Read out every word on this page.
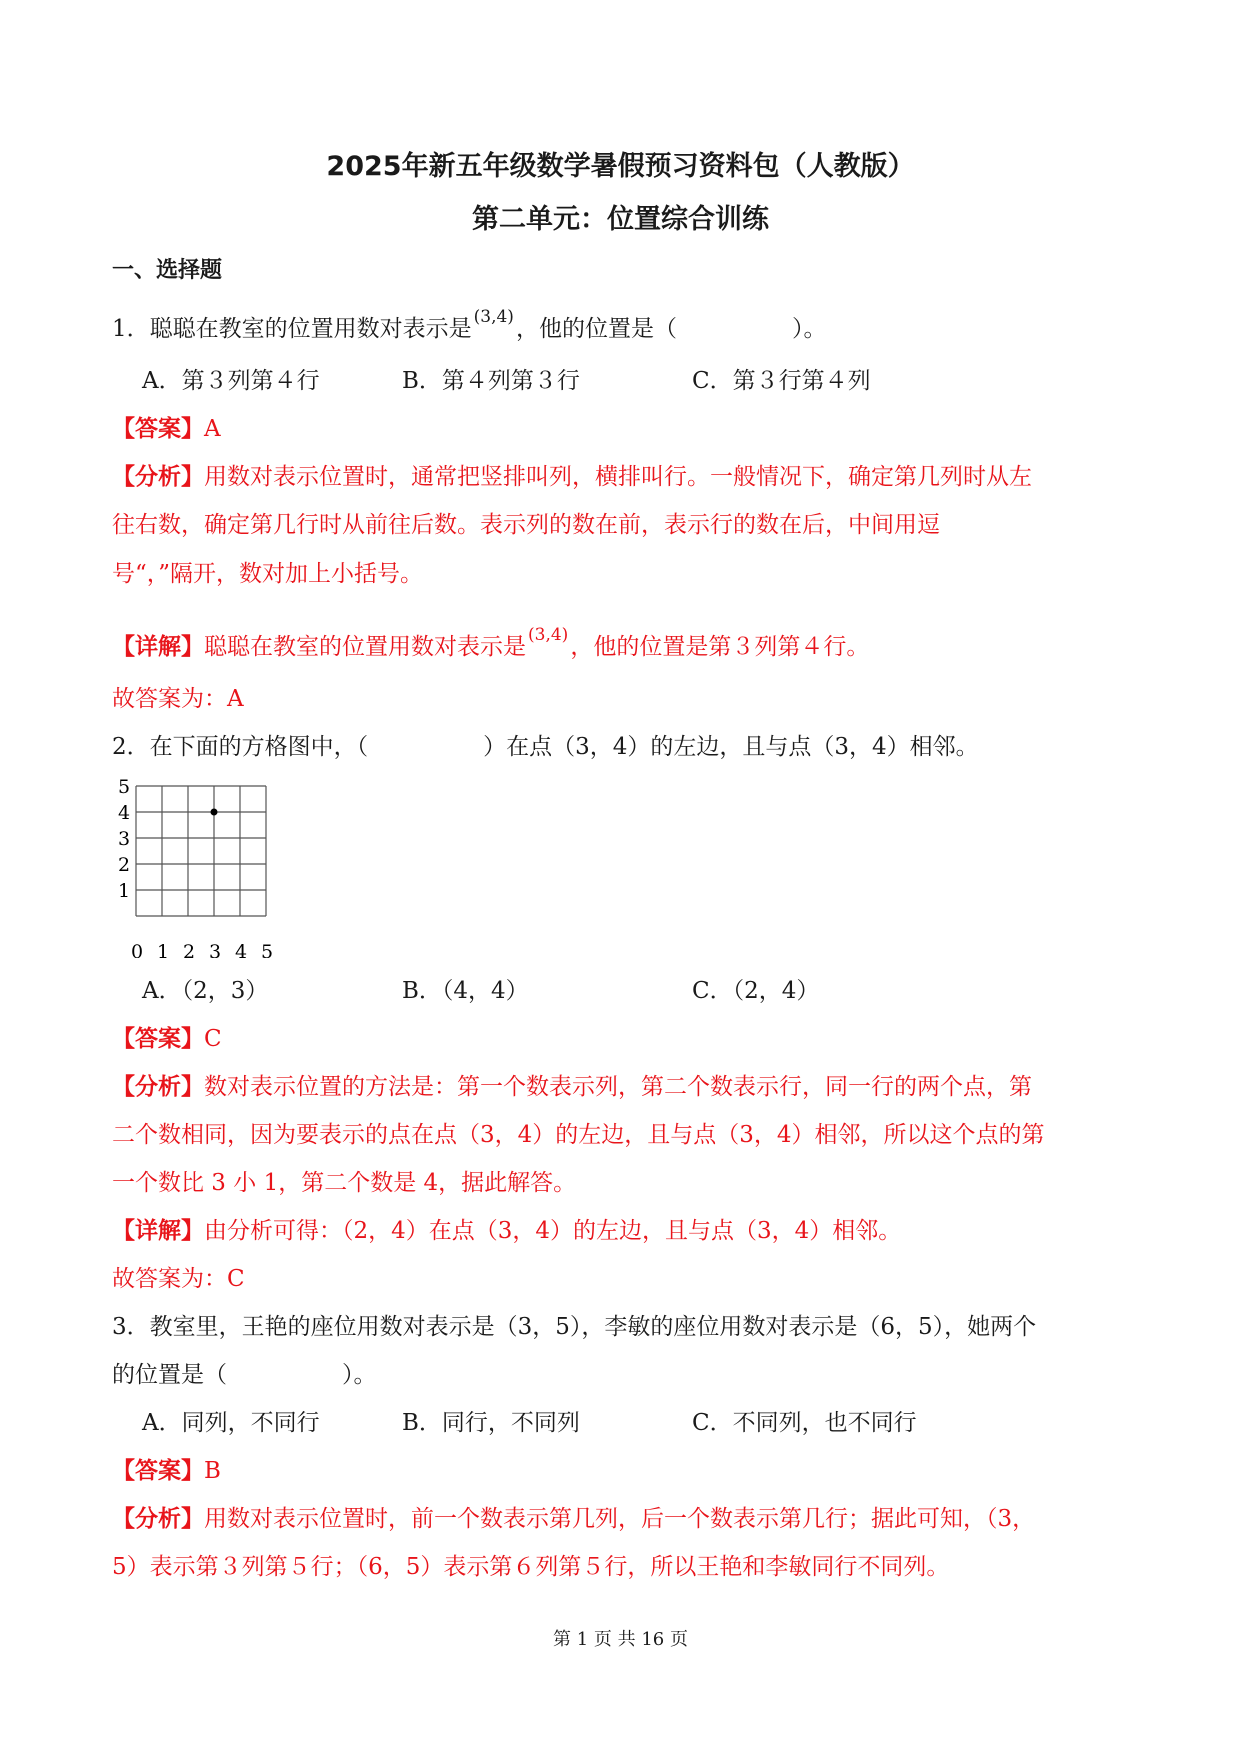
2025年新五年级数学暑假预习资料包（人教版）
第二单元：位置综合训练
一、选择题
1．聪聪在教室的位置用数对表示是 (3,4)，他的位置是（　　　　　）。
A．第３列第４行	B．第４列第３行	C．第３行第４列
【答案】A
【分析】用数对表示位置时，通常把竖排叫列，横排叫行。一般情况下，确定第几列时从左
往右数，确定第几行时从前往后数。表示列的数在前，表示行的数在后，中间用逗
号“，”隔开，数对加上小括号。
【详解】聪聪在教室的位置用数对表示是 (3,4)，他的位置是第３列第４行。
故答案为：A
2．在下面的方格图中，（　　　　　）在点（3，4）的左边，且与点（3，4）相邻。
5
4
3
2
1
0 1 2 3 4 5
A．（2，3）	B．（4，4）	C．（2，4）
【答案】C
【分析】数对表示位置的方法是：第一个数表示列，第二个数表示行，同一行的两个点，第
二个数相同，因为要表示的点在点（3，4）的左边，且与点（3，4）相邻，所以这个点的第
一个数比 3 小 1，第二个数是 4，据此解答。
【详解】由分析可得：（2，4）在点（3，4）的左边，且与点（3，4）相邻。
故答案为：C
3．教室里，王艳的座位用数对表示是（3，5），李敏的座位用数对表示是（6，5），她两个
的位置是（　　　　　）。
A．同列，不同行	B．同行，不同列	C．不同列，也不同行
【答案】B
【分析】用数对表示位置时，前一个数表示第几列，后一个数表示第几行；据此可知，（3，
5）表示第３列第５行；（6，5）表示第６列第５行，所以王艳和李敏同行不同列。
第 1 页 共 16 页
